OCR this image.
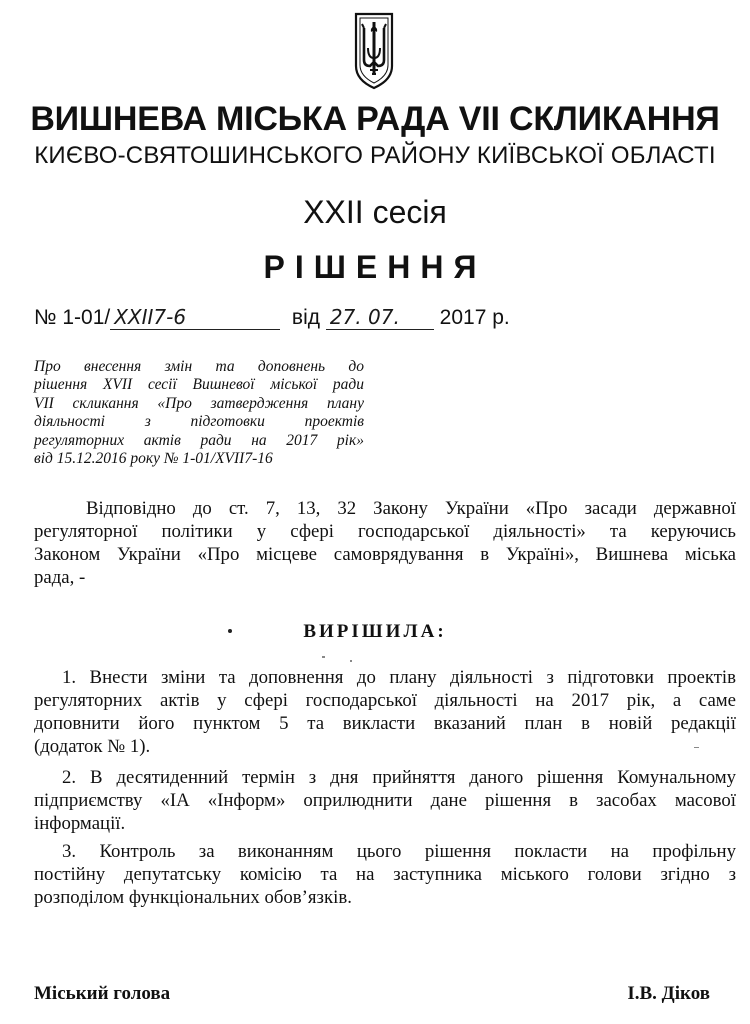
ВИШНЕВА МІСЬКА РАДА VII СКЛИКАННЯ
КИЄВО-СВЯТОШИНСЬКОГО РАЙОНУ КИЇВСЬКОЇ ОБЛАСТІ
XXII сесія
РІШЕННЯ
№ 1-01/ XXII7-6	від 27. 07. 2017 р.
Про внесення змін та доповнень до
рішення XVII сесії Вишневої міської ради
VII скликання «Про затвердження плану
діяльності з підготовки проектів
регуляторних актів ради на 2017 рік»
від 15.12.2016 року № 1-01/XVII7-16
Відповідно до ст. 7, 13, 32 Закону України «Про засади державної
регуляторної політики у сфері господарської діяльності» та керуючись
Законом України «Про місцеве самоврядування в Україні», Вишнева міська
рада, -
ВИРІШИЛА:
1. Внести зміни та доповнення до плану діяльності з підготовки проектів
регуляторних актів у сфері господарської діяльності на 2017 рік, а саме
доповнити його пунктом 5 та викласти вказаний план в новій редакції
(додаток № 1).
2. В десятиденний термін з дня прийняття даного рішення Комунальному
підприємству «ІА «Інформ» оприлюднити дане рішення в засобах масової
інформації.
3. Контроль за виконанням цього рішення покласти на профільну
постійну депутатську комісію та на заступника міського голови згідно з
розподілом функціональних обов’язків.
Міський голова	І.В. Діков
